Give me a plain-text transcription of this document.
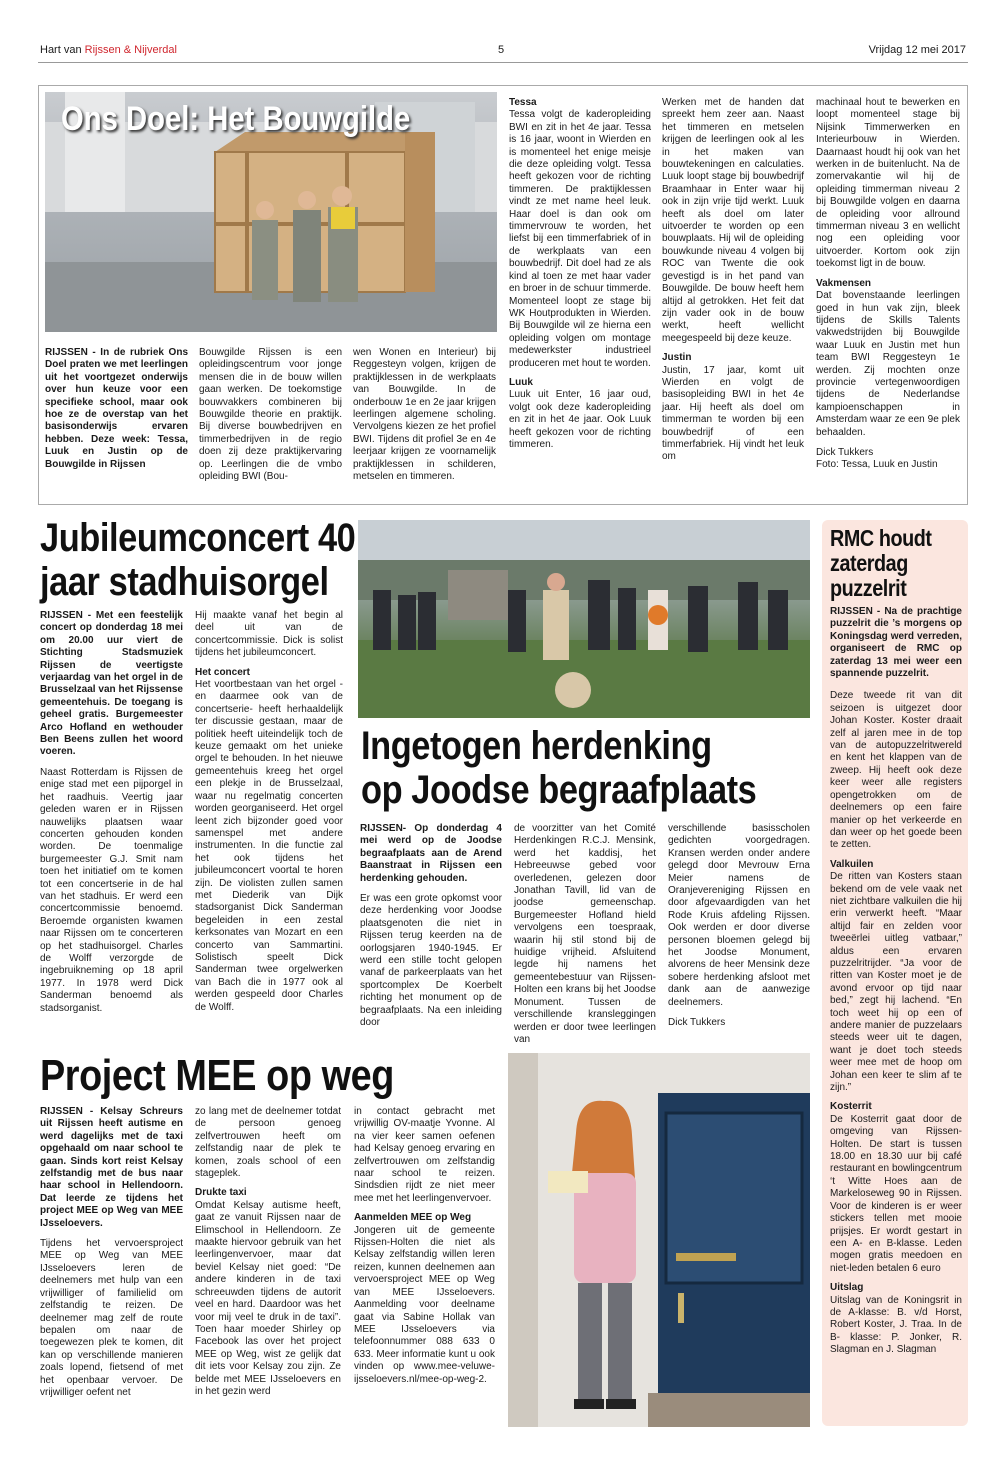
Hart van Rijssen & Nijverdal	5	Vrijdag 12 mei 2017
Ons Doel: Het Bouwgilde
RIJSSEN - In de rubriek Ons Doel praten we met leerlingen uit het voortgezet onderwijs over hun keuze voor een specifieke school, maar ook hoe ze de overstap van het basisonderwijs ervaren hebben. Deze week: Tessa, Luuk en Justin op de Bouwgilde in Rijssen
Bouwgilde Rijssen is een opleidingscentrum voor jonge mensen die in de bouw willen gaan werken. De toekomstige bouwvakkers combineren bij Bouwgilde theorie en praktijk. Bij diverse bouwbedrijven en timmerbedrijven in de regio doen zij deze praktijkervaring op. Leerlingen die de vmbo opleiding BWI (Bou-
wen Wonen en Interieur) bij Reggesteyn volgen, krijgen de praktijklessen in de werkplaats van Bouwgilde. In de onderbouw 1e en 2e jaar krijgen leerlingen algemene scholing. Vervolgens kiezen ze het profiel BWI. Tijdens dit profiel 3e en 4e leerjaar krijgen ze voornamelijk praktijklessen in schilderen, metselen en timmeren.
Tessa
Tessa volgt de kaderopleiding BWI en zit in het 4e jaar. Tessa is 16 jaar, woont in Wierden en is momenteel het enige meisje die deze opleiding volgt. Tessa heeft gekozen voor de richting timmeren. De praktijklessen vindt ze met name heel leuk. Haar doel is dan ook om timmervrouw te worden, het liefst bij een timmerfabriek of in de werkplaats van een bouwbedrijf. Dit doel had ze als kind al toen ze met haar vader en broer in de schuur timmerde. Momenteel loopt ze stage bij WK Houtprodukten in Wierden. Bij Bouwgilde wil ze hierna een opleiding volgen om montage medewerkster industrieel produceren met hout te worden.
Luuk
Luuk uit Enter, 16 jaar oud, volgt ook deze kaderopleiding en zit in het 4e jaar. Ook Luuk heeft gekozen voor de richting timmeren.
Werken met de handen dat spreekt hem zeer aan. Naast het timmeren en metselen krijgen de leerlingen ook al les in het maken van bouwtekeningen en calculaties. Luuk loopt stage bij bouwbedrijf Braamhaar in Enter waar hij ook in zijn vrije tijd werkt. Luuk heeft als doel om later uitvoerder te worden op een bouwplaats. Hij wil de opleiding bouwkunde niveau 4 volgen bij ROC van Twente die ook gevestigd is in het pand van Bouwgilde. De bouw heeft hem altijd al getrokken. Het feit dat zijn vader ook in de bouw werkt, heeft wellicht meegespeeld bij deze keuze.
Justin
Justin, 17 jaar, komt uit Wierden en volgt de basisopleiding BWI in het 4e jaar. Hij heeft als doel om timmerman te worden bij een bouwbedrijf of een timmerfabriek. Hij vindt het leuk om
machinaal hout te bewerken en loopt momenteel stage bij Nijsink Timmerwerken en Interieurbouw in Wierden. Daarnaast houdt hij ook van het werken in de buitenlucht. Na de zomervakantie wil hij de opleiding timmerman niveau 2 bij Bouwgilde volgen en daarna de opleiding voor allround timmerman niveau 3 en wellicht nog een opleiding voor uitvoerder. Kortom ook zijn toekomst ligt in de bouw.
Vakmensen
Dat bovenstaande leerlingen goed in hun vak zijn, bleek tijdens de Skills Talents vakwedstrijden bij Bouwgilde waar Luuk en Justin met hun team BWI Reggesteyn 1e werden. Zij mochten onze provincie vertegenwoordigen tijdens de Nederlandse kampioenschappen in Amsterdam waar ze een 9e plek behaalden.
Dick Tukkers
Foto: Tessa, Luuk en Justin
Jubileumconcert 40
jaar stadhuisorgel
RIJSSEN - Met een feestelijk concert op donderdag 18 mei om 20.00 uur viert de Stichting Stadsmuziek Rijssen de veertigste verjaardag van het orgel in de Brusselzaal van het Rijssense gemeentehuis. De toegang is geheel gratis. Burgemeester Arco Hofland en wethouder Ben Beens zullen het woord voeren.
Naast Rotterdam is Rijssen de enige stad met een pijporgel in het raadhuis. Veertig jaar geleden waren er in Rijssen nauwelijks plaatsen waar concerten gehouden konden worden. De toenmalige burgemeester G.J. Smit nam toen het initiatief om te komen tot een concertserie in de hal van het stadhuis. Er werd een concertcommissie benoemd. Beroemde organisten kwamen naar Rijssen om te concerteren op het stadhuisorgel. Charles de Wolff verzorgde de ingebruikneming op 18 april 1977. In 1978 werd Dick Sanderman benoemd als stadsorganist.
Hij maakte vanaf het begin al deel uit van de concertcommissie. Dick is solist tijdens het jubileumconcert.
Het concert
Het voortbestaan van het orgel -en daarmee ook van de concertserie- heeft herhaaldelijk ter discussie gestaan, maar de politiek heeft uiteindelijk toch de keuze gemaakt om het unieke orgel te behouden. In het nieuwe gemeentehuis kreeg het orgel een plekje in de Brusselzaal, waar nu regelmatig concerten worden georganiseerd. Het orgel leent zich bijzonder goed voor samenspel met andere instrumenten. In die functie zal het ook tijdens het jubileumconcert voortal te horen zijn. De violisten zullen samen met Diederik van Dijk stadsorganist Dick Sanderman begeleiden in een zestal kerksonates van Mozart en een concerto van Sammartini. Solistisch speelt Dick Sanderman twee orgelwerken van Bach die in 1977 ook al werden gespeeld door Charles de Wolff.
Ingetogen herdenking
op Joodse begraafplaats
RIJSSEN- Op donderdag 4 mei werd op de Joodse begraafplaats aan de Arend Baanstraat in Rijssen een herdenking gehouden.
Er was een grote opkomst voor deze herdenking voor Joodse plaatsgenoten die niet in Rijssen terug keerden na de oorlogsjaren 1940-1945. Er werd een stille tocht gelopen vanaf de parkeerplaats van het sportcomplex De Koerbelt richting het monument op de begraafplaats. Na een inleiding door
de voorzitter van het Comité Herdenkingen R.C.J. Mensink, werd het kaddisj, het Hebreeuwse gebed voor overledenen, gelezen door Jonathan Tavill, lid van de joodse gemeenschap. Burgemeester Hofland hield vervolgens een toespraak, waarin hij stil stond bij de huidige vrijheid. Afsluitend legde hij namens het gemeentebestuur van Rijssen-Holten een krans bij het Joodse Monument. Tussen de verschillende kransleggingen werden er door twee leerlingen van
verschillende basisscholen gedichten voorgedragen. Kransen werden onder andere gelegd door Mevrouw Erna Meier namens de Oranjevereniging Rijssen en door afgevaardigden van het Rode Kruis afdeling Rijssen. Ook werden er door diverse personen bloemen gelegd bij het Joodse Monument, alvorens de heer Mensink deze sobere herdenking afsloot met dank aan de aanwezige deelnemers.
Dick Tukkers
RMC houdt
zaterdag
puzzelrit
RIJSSEN - Na de prachtige puzzelrit die ’s morgens op Koningsdag werd verreden, organiseert de RMC op zaterdag 13 mei weer een spannende puzzelrit.
Deze tweede rit van dit seizoen is uitgezet door Johan Koster. Koster draait zelf al jaren mee in de top van de autopuzzelritwereld en kent het klappen van de zweep. Hij heeft ook deze keer weer alle registers opengetrokken om de deelnemers op een faire manier op het verkeerde en dan weer op het goede been te zetten.
Valkuilen
De ritten van Kosters staan bekend om de vele vaak net niet zichtbare valkuilen die hij erin verwerkt heeft. “Maar altijd fair en zelden voor tweeërlei uitleg vatbaar,” aldus een ervaren puzzelritrijder. “Ja voor de ritten van Koster moet je de avond ervoor op tijd naar bed,” zegt hij lachend. “En toch weet hij op een of andere manier de puzzelaars steeds weer uit te dagen, want je doet toch steeds weer mee met de hoop om Johan een keer te slim af te zijn.”
Kosterrit
De Kosterrit gaat door de omgeving van Rijssen-Holten. De start is tussen 18.00 en 18.30 uur bij café restaurant en bowlingcentrum ‘t Witte Hoes aan de Markeloseweg 90 in Rijssen. Voor de kinderen is er weer stickers tellen met mooie prijsjes. Er wordt gestart in een A- en B-klasse. Leden mogen gratis meedoen en niet-leden betalen 6 euro
Uitslag
Uitslag van de Koningsrit in de A-klasse: B. v/d Horst, Robert Koster, J. Traa. In de B- klasse: P. Jonker, R. Slagman en J. Slagman
Project MEE op weg
RIJSSEN - Kelsay Schreurs uit Rijssen heeft autisme en werd dagelijks met de taxi opgehaald om naar school te gaan. Sinds kort reist Kelsay zelfstandig met de bus naar haar school in Hellendoorn. Dat leerde ze tijdens het project MEE op Weg van MEE IJsseloevers.
Tijdens het vervoersproject MEE op Weg van MEE IJsseloevers leren de deelnemers met hulp van een vrijwilliger of familielid om zelfstandig te reizen. De deelnemer mag zelf de route bepalen om naar de toegewezen plek te komen, dit kan op verschillende manieren zoals lopend, fietsend of met het openbaar vervoer. De vrijwilliger oefent net
zo lang met de deelnemer totdat de persoon genoeg zelfvertrouwen heeft om zelfstandig naar de plek te komen, zoals school of een stageplek.
Drukte taxi
Omdat Kelsay autisme heeft, gaat ze vanuit Rijssen naar de Elimschool in Hellendoorn. Ze maakte hiervoor gebruik van het leerlingenvervoer, maar dat beviel Kelsay niet goed: “De andere kinderen in de taxi schreeuwden tijdens de autorit veel en hard. Daardoor was het voor mij veel te druk in de taxi”. Toen haar moeder Shirley op Facebook las over het project MEE op Weg, wist ze gelijk dat dit iets voor Kelsay zou zijn. Ze belde met MEE IJsseloevers en in het gezin werd
in contact gebracht met vrijwillig OV-maatje Yvonne. Al na vier keer samen oefenen had Kelsay genoeg ervaring en zelfvertrouwen om zelfstandig naar school te reizen. Sindsdien rijdt ze niet meer mee met het leerlingenvervoer.
Aanmelden MEE op Weg
Jongeren uit de gemeente Rijssen-Holten die niet als Kelsay zelfstandig willen leren reizen, kunnen deelnemen aan vervoersproject MEE op Weg van MEE IJsseloevers. Aanmelding voor deelname gaat via Sabine Hollak van MEE IJsseloevers via telefoonnummer 088 633 0 633. Meer informatie kunt u ook vinden op www.mee-veluwe-ijsseloevers.nl/mee-op-weg-2.
